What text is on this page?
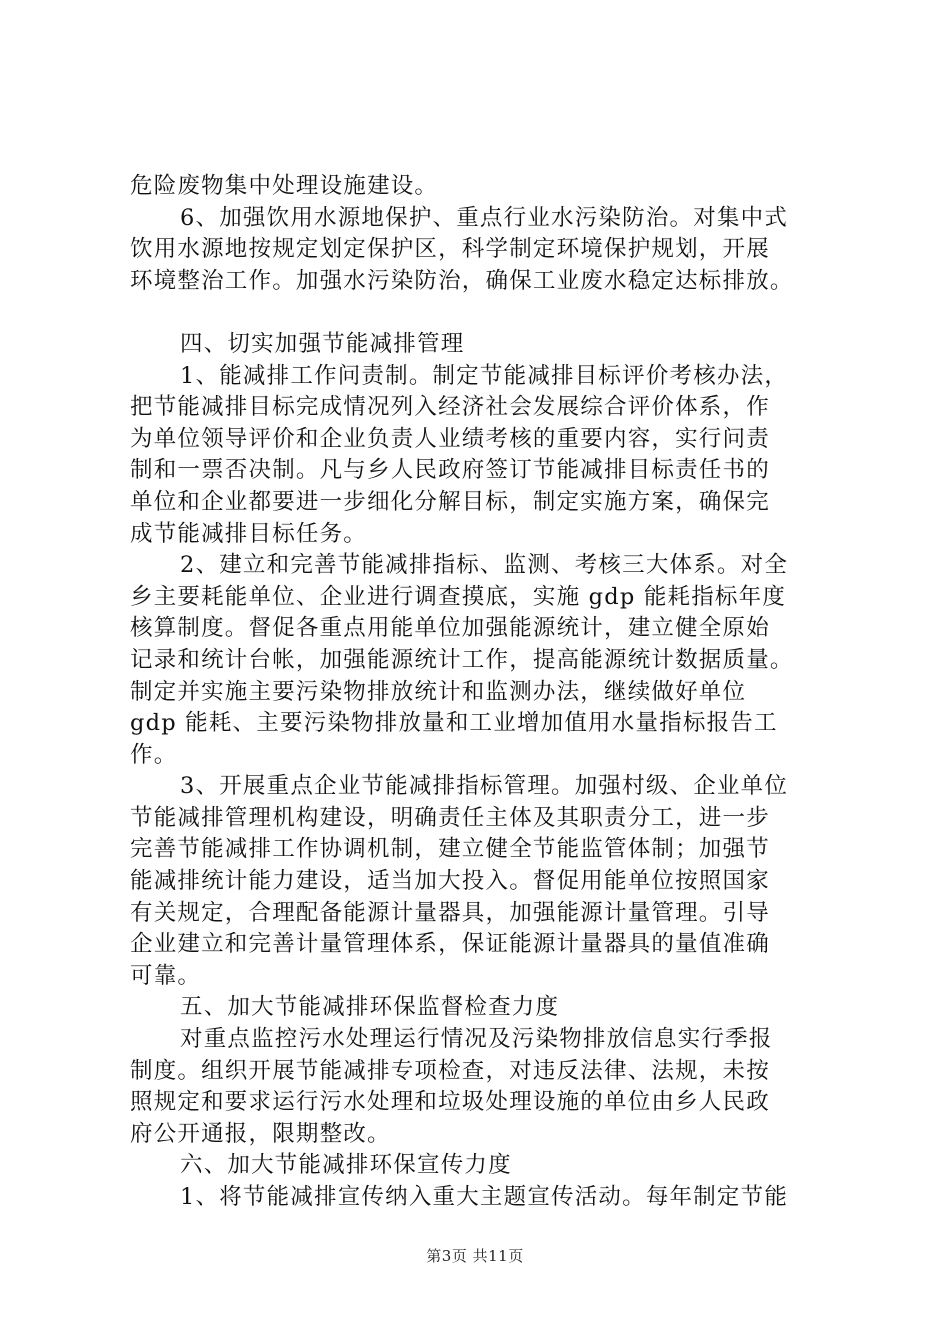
危险废物集中处理设施建设。
6、加强饮用水源地保护、重点行业水污染防治。对集中式
饮用水源地按规定划定保护区，科学制定环境保护规划，开展
环境整治工作。加强水污染防治，确保工业废水稳定达标排放。
四、切实加强节能减排管理
1、能减排工作问责制。制定节能减排目标评价考核办法，
把节能减排目标完成情况列入经济社会发展综合评价体系，作
为单位领导评价和企业负责人业绩考核的重要内容，实行问责
制和一票否决制。凡与乡人民政府签订节能减排目标责任书的
单位和企业都要进一步细化分解目标，制定实施方案，确保完
成节能减排目标任务。
2、建立和完善节能减排指标、监测、考核三大体系。对全
乡主要耗能单位、企业进行调查摸底，实施 gdp 能耗指标年度
核算制度。督促各重点用能单位加强能源统计，建立健全原始
记录和统计台帐，加强能源统计工作，提高能源统计数据质量。
制定并实施主要污染物排放统计和监测办法，继续做好单位
gdp 能耗、主要污染物排放量和工业增加值用水量指标报告工
作。
3、开展重点企业节能减排指标管理。加强村级、企业单位
节能减排管理机构建设，明确责任主体及其职责分工，进一步
完善节能减排工作协调机制，建立健全节能监管体制；加强节
能减排统计能力建设，适当加大投入。督促用能单位按照国家
有关规定，合理配备能源计量器具，加强能源计量管理。引导
企业建立和完善计量管理体系，保证能源计量器具的量值准确
可靠。
五、加大节能减排环保监督检查力度
对重点监控污水处理运行情况及污染物排放信息实行季报
制度。组织开展节能减排专项检查，对违反法律、法规，未按
照规定和要求运行污水处理和垃圾处理设施的单位由乡人民政
府公开通报，限期整改。
六、加大节能减排环保宣传力度
1、将节能减排宣传纳入重大主题宣传活动。每年制定节能
第3页 共11页
